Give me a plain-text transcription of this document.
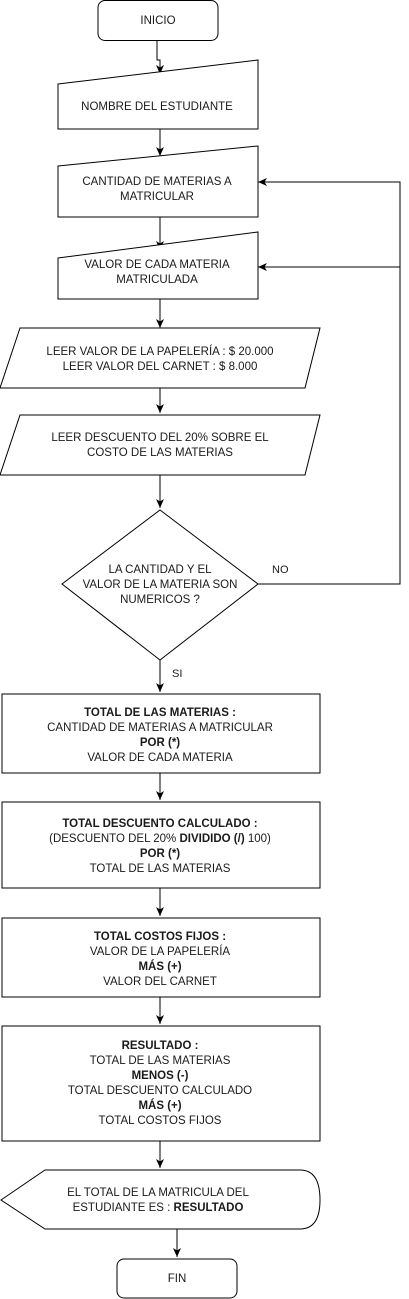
NO
SI
INICIO
NOMBRE DEL ESTUDIANTE
CANTIDAD DE MATERIAS A
MATRICULAR
VALOR DE CADA MATERIA
MATRICULADA
LEER VALOR DE LA PAPELERÍA : $ 20.000
LEER VALOR DEL CARNET : $ 8.000
LEER DESCUENTO DEL 20% SOBRE EL
COSTO DE LAS MATERIAS
LA CANTIDAD Y EL
VALOR DE LA MATERIA SON
NUMERICOS ?
TOTAL DE LAS MATERIAS :
CANTIDAD DE MATERIAS A MATRICULAR
POR (*)
VALOR DE CADA MATERIA
TOTAL DESCUENTO CALCULADO :
(DESCUENTO DEL 20% DIVIDIDO (/) 100)
POR (*)
TOTAL DE LAS MATERIAS
TOTAL COSTOS FIJOS :
VALOR DE LA PAPELERÍA
MÁS (+)
VALOR DEL CARNET
RESULTADO :
TOTAL DE LAS MATERIAS
MENOS (-)
TOTAL DESCUENTO CALCULADO
MÁS (+)
TOTAL COSTOS FIJOS
EL TOTAL DE LA MATRICULA DEL
ESTUDIANTE ES : RESULTADO
FIN
